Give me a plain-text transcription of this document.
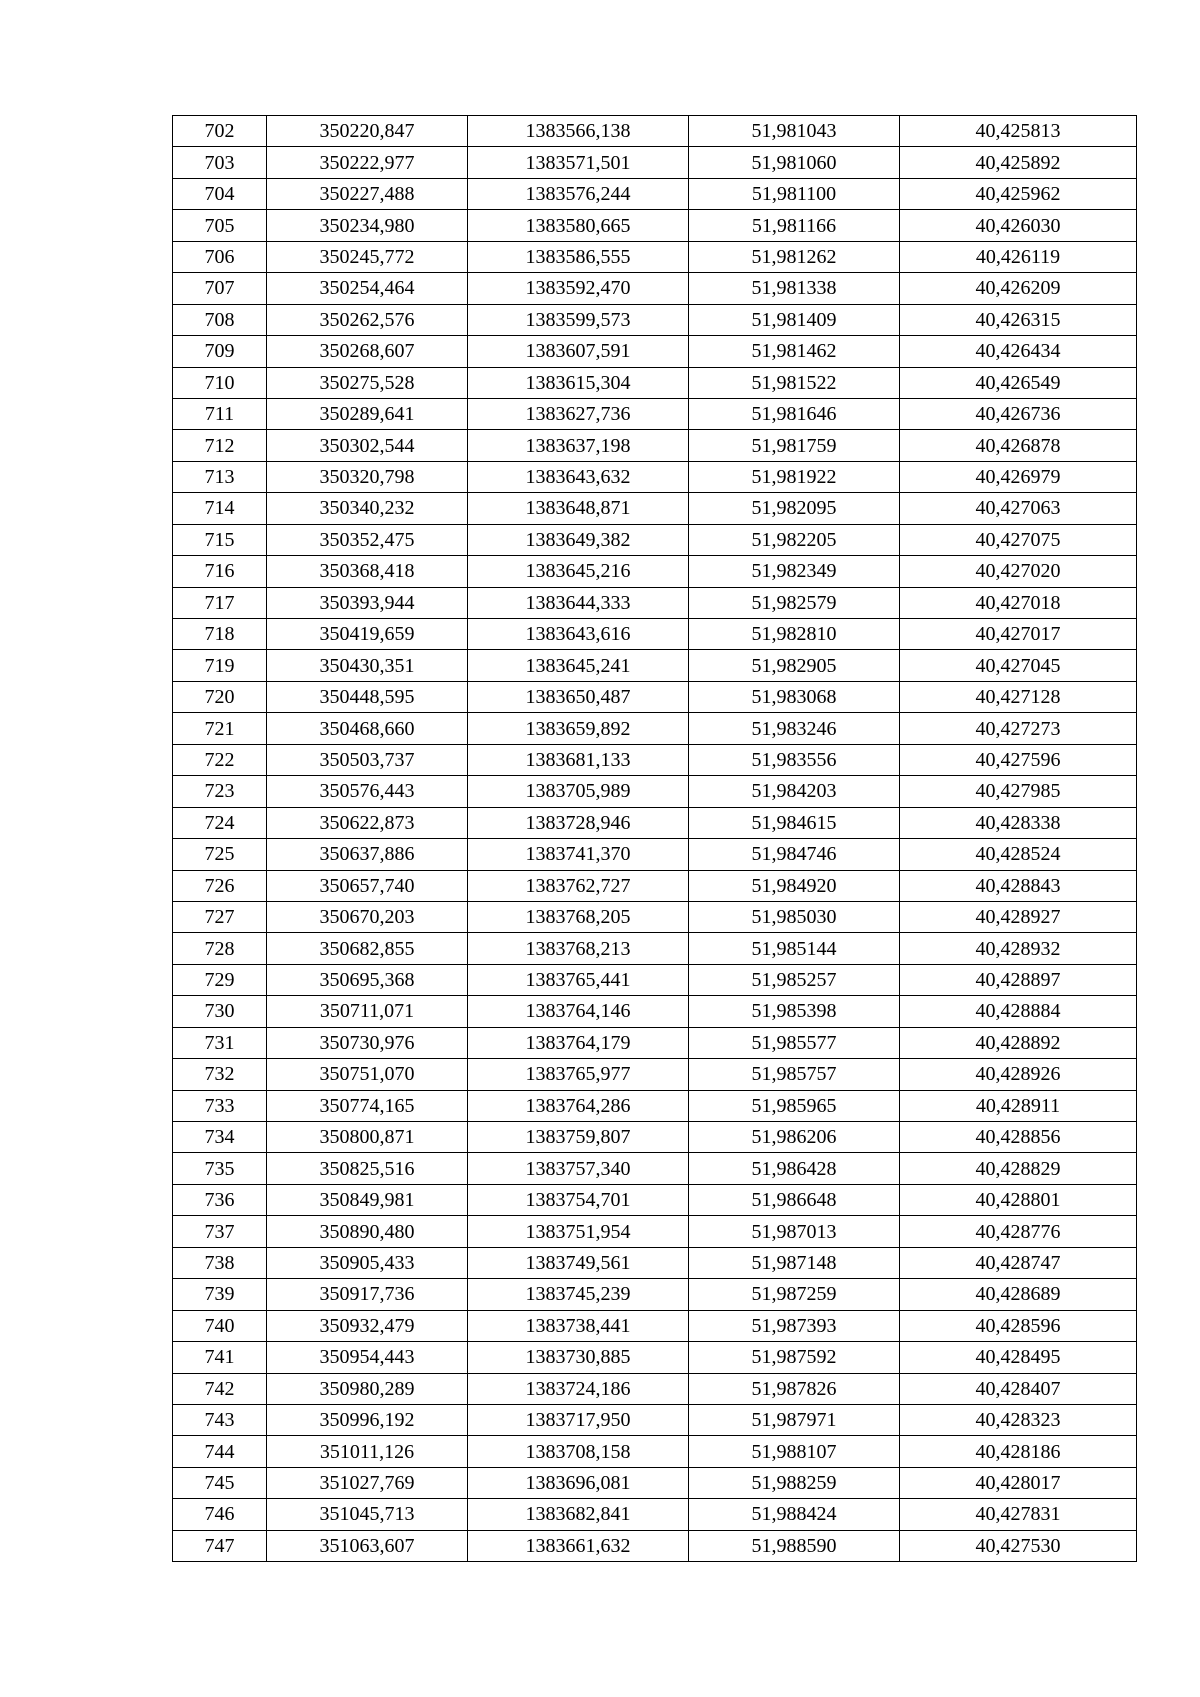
702	350220,847	1383566,138	51,981043	40,425813
703	350222,977	1383571,501	51,981060	40,425892
704	350227,488	1383576,244	51,981100	40,425962
705	350234,980	1383580,665	51,981166	40,426030
706	350245,772	1383586,555	51,981262	40,426119
707	350254,464	1383592,470	51,981338	40,426209
708	350262,576	1383599,573	51,981409	40,426315
709	350268,607	1383607,591	51,981462	40,426434
710	350275,528	1383615,304	51,981522	40,426549
711	350289,641	1383627,736	51,981646	40,426736
712	350302,544	1383637,198	51,981759	40,426878
713	350320,798	1383643,632	51,981922	40,426979
714	350340,232	1383648,871	51,982095	40,427063
715	350352,475	1383649,382	51,982205	40,427075
716	350368,418	1383645,216	51,982349	40,427020
717	350393,944	1383644,333	51,982579	40,427018
718	350419,659	1383643,616	51,982810	40,427017
719	350430,351	1383645,241	51,982905	40,427045
720	350448,595	1383650,487	51,983068	40,427128
721	350468,660	1383659,892	51,983246	40,427273
722	350503,737	1383681,133	51,983556	40,427596
723	350576,443	1383705,989	51,984203	40,427985
724	350622,873	1383728,946	51,984615	40,428338
725	350637,886	1383741,370	51,984746	40,428524
726	350657,740	1383762,727	51,984920	40,428843
727	350670,203	1383768,205	51,985030	40,428927
728	350682,855	1383768,213	51,985144	40,428932
729	350695,368	1383765,441	51,985257	40,428897
730	350711,071	1383764,146	51,985398	40,428884
731	350730,976	1383764,179	51,985577	40,428892
732	350751,070	1383765,977	51,985757	40,428926
733	350774,165	1383764,286	51,985965	40,428911
734	350800,871	1383759,807	51,986206	40,428856
735	350825,516	1383757,340	51,986428	40,428829
736	350849,981	1383754,701	51,986648	40,428801
737	350890,480	1383751,954	51,987013	40,428776
738	350905,433	1383749,561	51,987148	40,428747
739	350917,736	1383745,239	51,987259	40,428689
740	350932,479	1383738,441	51,987393	40,428596
741	350954,443	1383730,885	51,987592	40,428495
742	350980,289	1383724,186	51,987826	40,428407
743	350996,192	1383717,950	51,987971	40,428323
744	351011,126	1383708,158	51,988107	40,428186
745	351027,769	1383696,081	51,988259	40,428017
746	351045,713	1383682,841	51,988424	40,427831
747	351063,607	1383661,632	51,988590	40,427530
